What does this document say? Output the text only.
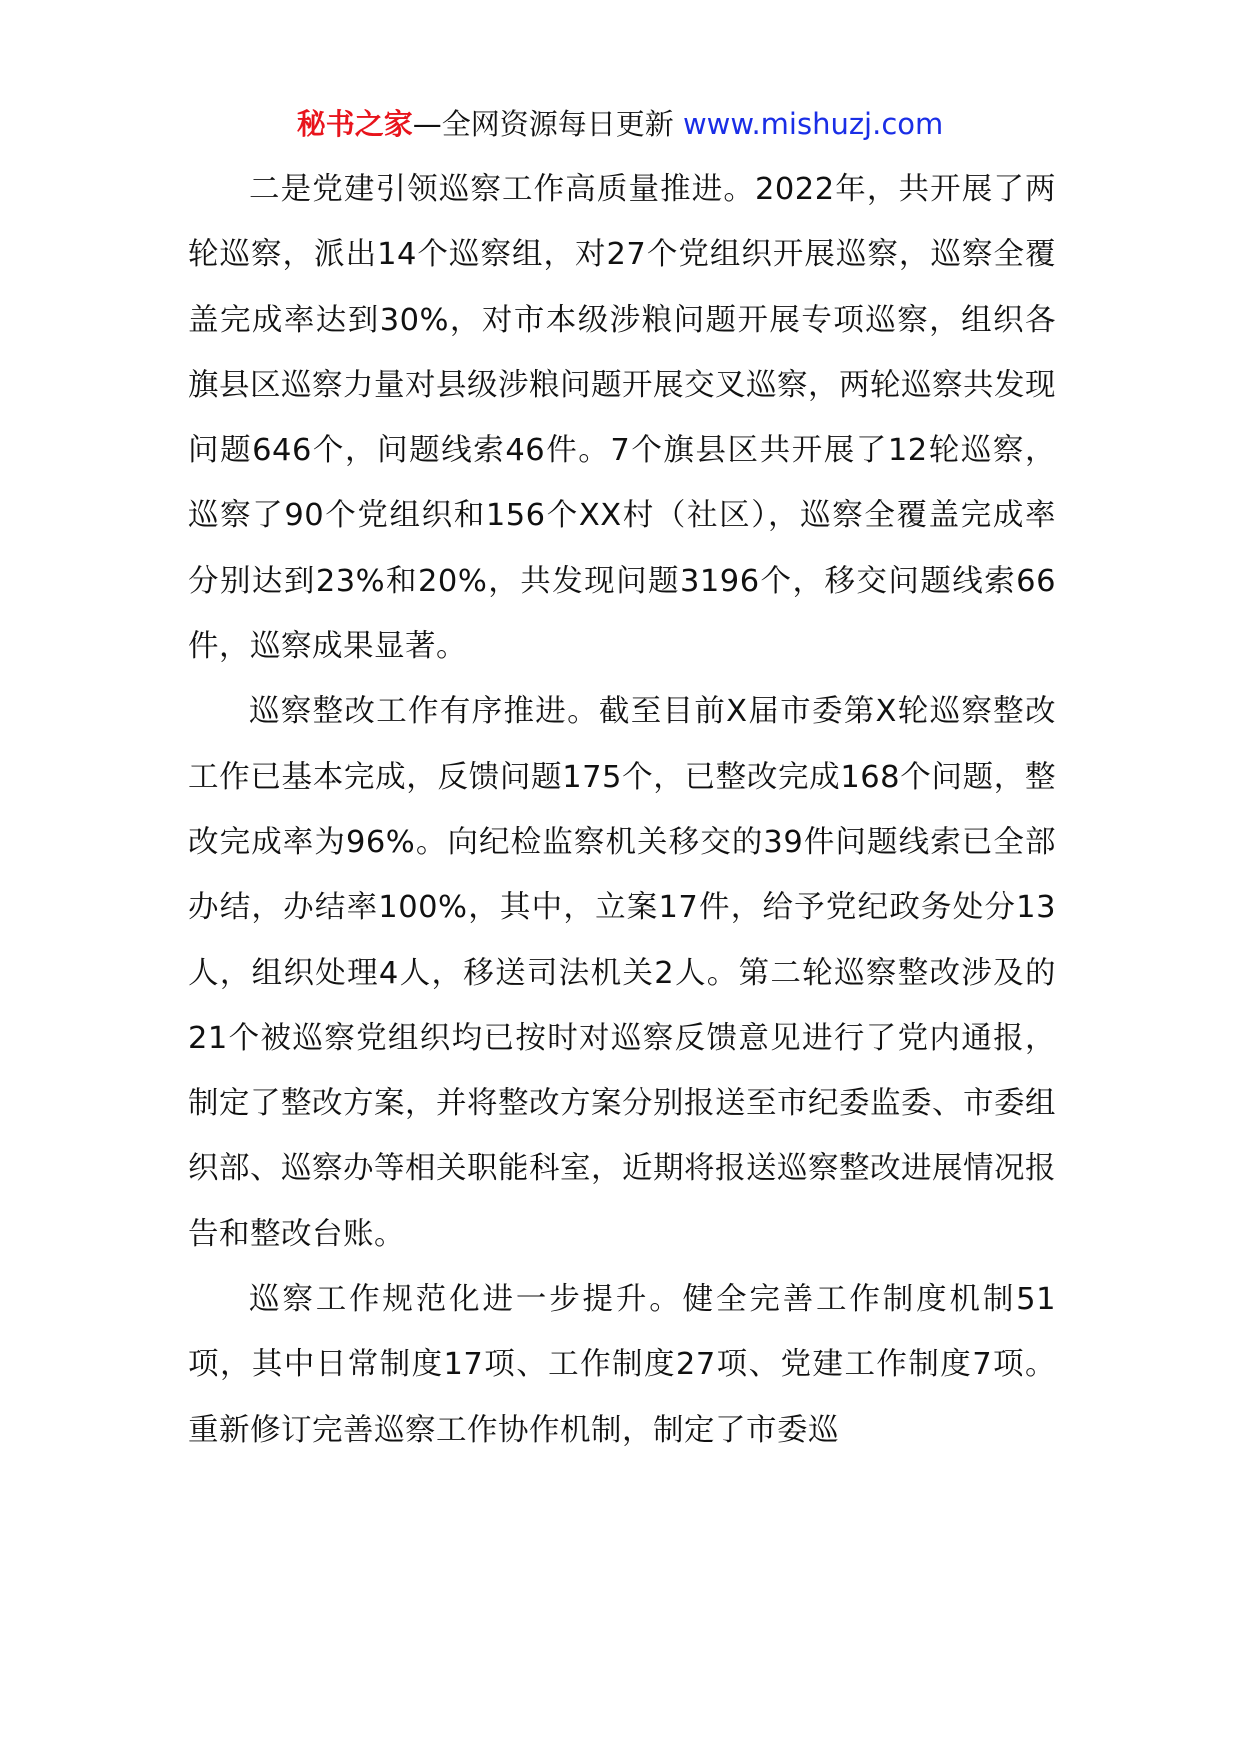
秘书之家—全网资源每日更新 www.mishuzj.com

二是党建引领巡察工作高质量推进。2022年，共开展了两轮巡察，派出14个巡察组，对27个党组织开展巡察，巡察全覆盖完成率达到30%，对市本级涉粮问题开展专项巡察，组织各旗县区巡察力量对县级涉粮问题开展交叉巡察，两轮巡察共发现问题646个，问题线索46件。7个旗县区共开展了12轮巡察，巡察了90个党组织和156个XX村（社区），巡察全覆盖完成率分别达到23%和20%，共发现问题3196个，移交问题线索66件，巡察成果显著。

巡察整改工作有序推进。截至目前X届市委第X轮巡察整改工作已基本完成，反馈问题175个，已整改完成168个问题，整改完成率为96%。向纪检监察机关移交的39件问题线索已全部办结，办结率100%，其中，立案17件，给予党纪政务处分13人，组织处理4人，移送司法机关2人。第二轮巡察整改涉及的21个被巡察党组织均已按时对巡察反馈意见进行了党内通报，制定了整改方案，并将整改方案分别报送至市纪委监委、市委组织部、巡察办等相关职能科室，近期将报送巡察整改进展情况报告和整改台账。

巡察工作规范化进一步提升。健全完善工作制度机制51项，其中日常制度17项、工作制度27项、党建工作制度7项。重新修订完善巡察工作协作机制，制定了市委巡
